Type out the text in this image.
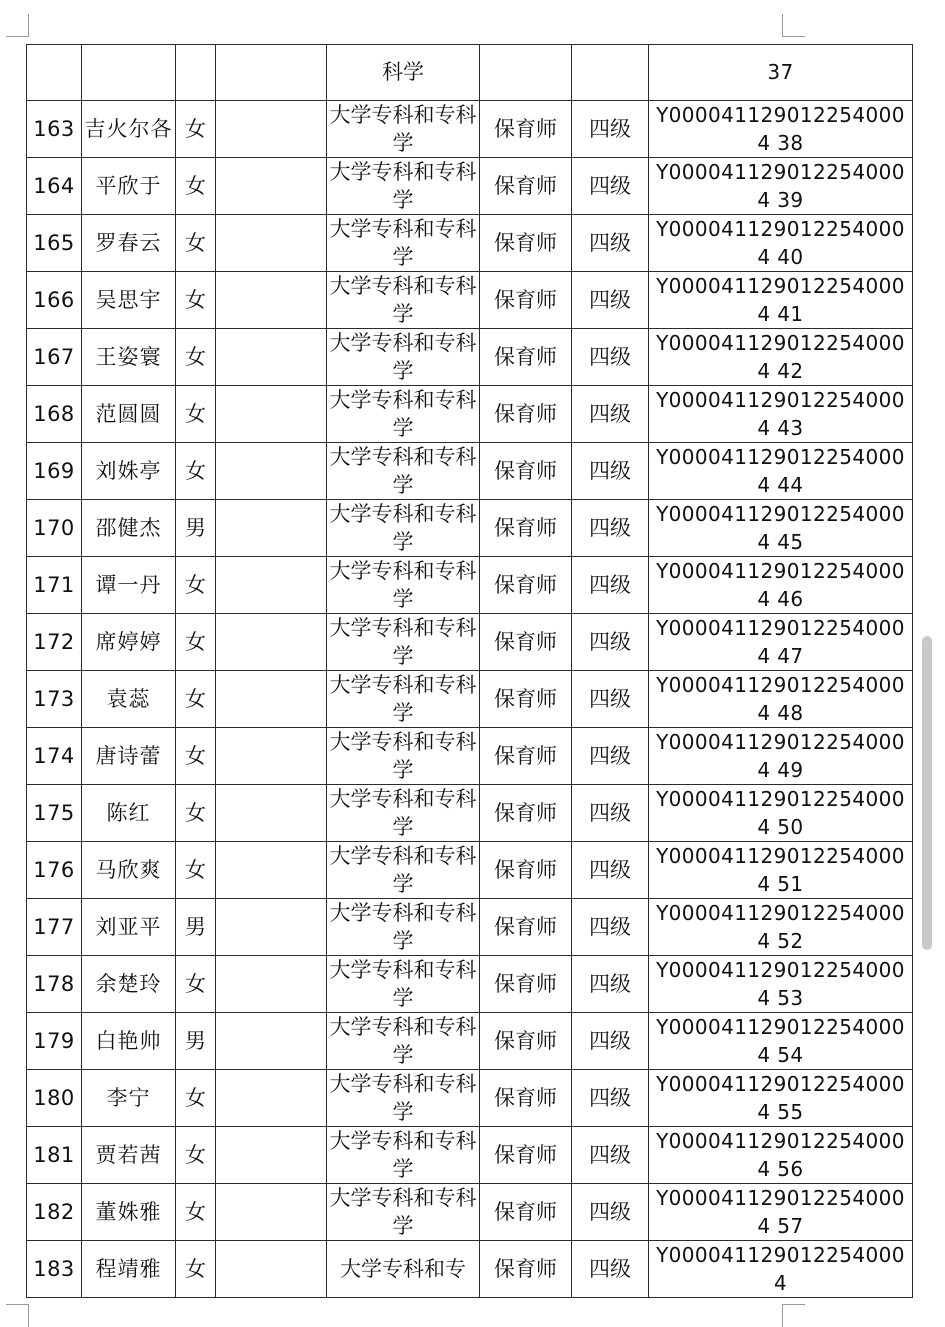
				科学			37
163	吉火尔各	女		大学专科和专科学	保育师	四级	Y0000411290122540004 38
164	平欣于	女		大学专科和专科学	保育师	四级	Y0000411290122540004 39
165	罗春云	女		大学专科和专科学	保育师	四级	Y0000411290122540004 40
166	吴思宇	女		大学专科和专科学	保育师	四级	Y0000411290122540004 41
167	王姿寰	女		大学专科和专科学	保育师	四级	Y0000411290122540004 42
168	范圆圆	女		大学专科和专科学	保育师	四级	Y0000411290122540004 43
169	刘姝亭	女		大学专科和专科学	保育师	四级	Y0000411290122540004 44
170	邵健杰	男		大学专科和专科学	保育师	四级	Y0000411290122540004 45
171	谭一丹	女		大学专科和专科学	保育师	四级	Y0000411290122540004 46
172	席婷婷	女		大学专科和专科学	保育师	四级	Y0000411290122540004 47
173	袁蕊	女		大学专科和专科学	保育师	四级	Y0000411290122540004 48
174	唐诗蕾	女		大学专科和专科学	保育师	四级	Y0000411290122540004 49
175	陈红	女		大学专科和专科学	保育师	四级	Y0000411290122540004 50
176	马欣爽	女		大学专科和专科学	保育师	四级	Y0000411290122540004 51
177	刘亚平	男		大学专科和专科学	保育师	四级	Y0000411290122540004 52
178	余楚玲	女		大学专科和专科学	保育师	四级	Y0000411290122540004 53
179	白艳帅	男		大学专科和专科学	保育师	四级	Y0000411290122540004 54
180	李宁	女		大学专科和专科学	保育师	四级	Y0000411290122540004 55
181	贾若茜	女		大学专科和专科学	保育师	四级	Y0000411290122540004 56
182	董姝雅	女		大学专科和专科学	保育师	四级	Y0000411290122540004 57
183	程靖雅	女		大学专科和专	保育师	四级	Y0000411290122540004
